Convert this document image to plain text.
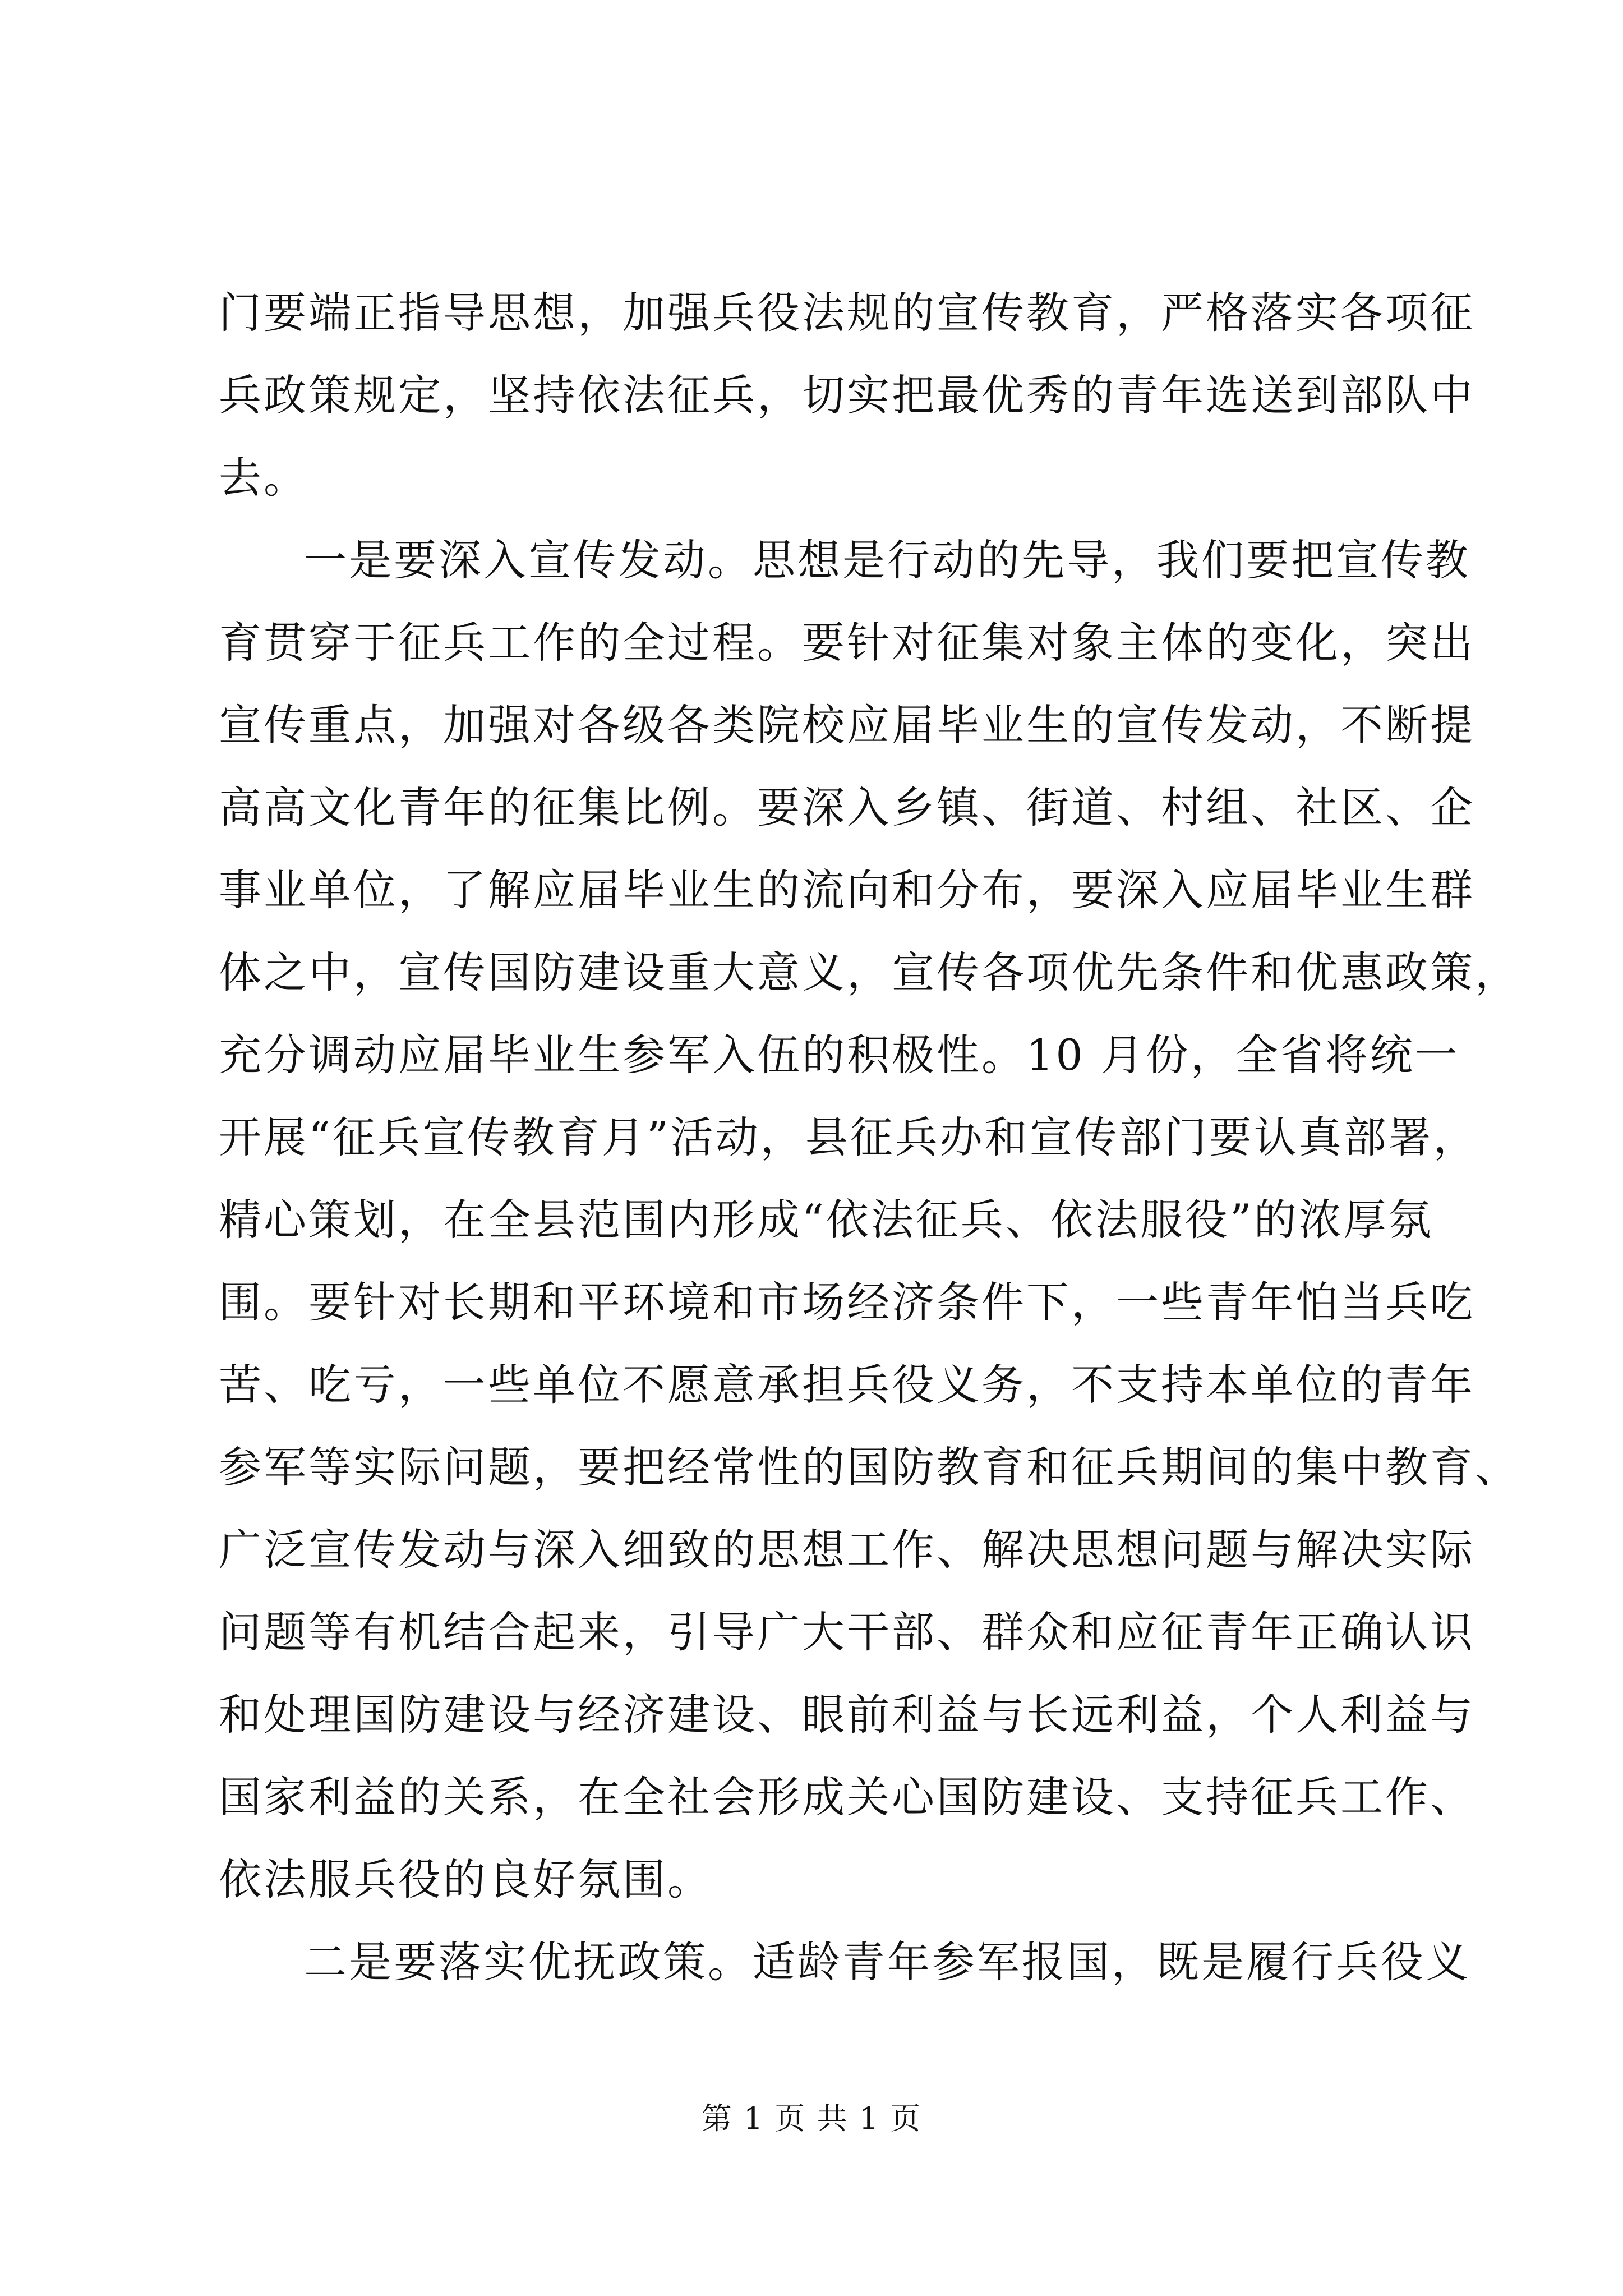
门要端正指导思想，加强兵役法规的宣传教育，严格落实各项征
兵政策规定，坚持依法征兵，切实把最优秀的青年选送到部队中
去。
一是要深入宣传发动。思想是行动的先导，我们要把宣传教
育贯穿于征兵工作的全过程。要针对征集对象主体的变化，突出
宣传重点，加强对各级各类院校应届毕业生的宣传发动，不断提
高高文化青年的征集比例。要深入乡镇、街道、村组、社区、企
事业单位，了解应届毕业生的流向和分布，要深入应届毕业生群
体之中，宣传国防建设重大意义，宣传各项优先条件和优惠政策，
充分调动应届毕业生参军入伍的积极性。10 月份，全省将统一
开展“征兵宣传教育月”活动，县征兵办和宣传部门要认真部署，
精心策划，在全县范围内形成“依法征兵、依法服役”的浓厚氛
围。要针对长期和平环境和市场经济条件下，一些青年怕当兵吃
苦、吃亏，一些单位不愿意承担兵役义务，不支持本单位的青年
参军等实际问题，要把经常性的国防教育和征兵期间的集中教育、
广泛宣传发动与深入细致的思想工作、解决思想问题与解决实际
问题等有机结合起来，引导广大干部、群众和应征青年正确认识
和处理国防建设与经济建设、眼前利益与长远利益，个人利益与
国家利益的关系，在全社会形成关心国防建设、支持征兵工作、
依法服兵役的良好氛围。
二是要落实优抚政策。适龄青年参军报国，既是履行兵役义
第 1 页 共 1 页
